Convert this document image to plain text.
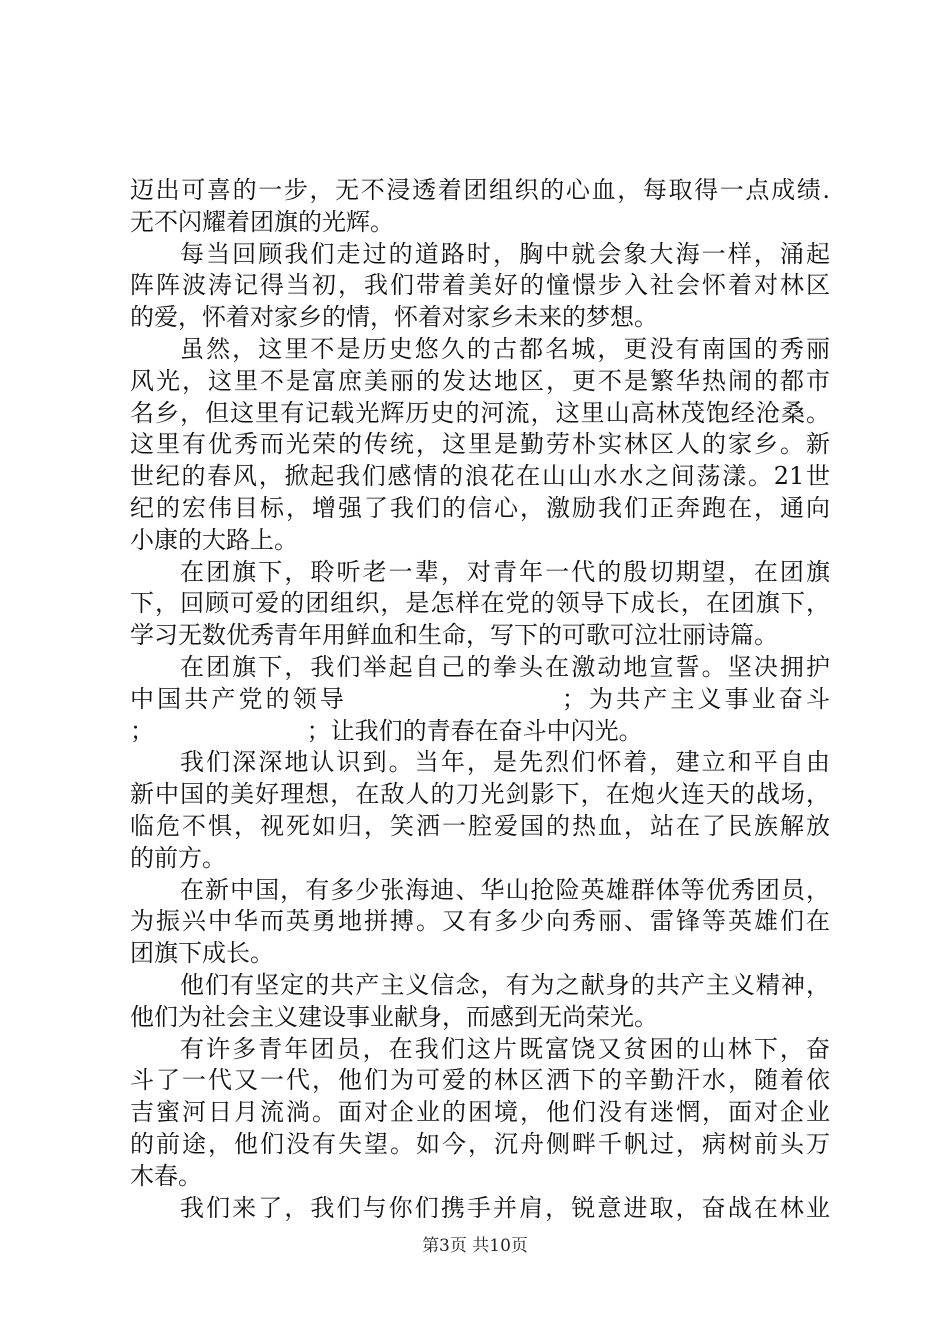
迈出可喜的一步，无不浸透着团组织的心血，每取得一点成绩.
无不闪耀着团旗的光辉。
每当回顾我们走过的道路时，胸中就会象大海一样，涌起
阵阵波涛记得当初，我们带着美好的憧憬步入社会怀着对林区
的爱，怀着对家乡的情，怀着对家乡未来的梦想。
虽然，这里不是历史悠久的古都名城，更没有南国的秀丽
风光，这里不是富庶美丽的发达地区，更不是繁华热闹的都市
名乡，但这里有记载光辉历史的河流，这里山高林茂饱经沧桑。
这里有优秀而光荣的传统，这里是勤劳朴实林区人的家乡。新
世纪的春风，掀起我们感情的浪花在山山水水之间荡漾。21世
纪的宏伟目标，增强了我们的信心，激励我们正奔跑在，通向
小康的大路上。
在团旗下，聆听老一辈，对青年一代的殷切期望，在团旗
下，回顾可爱的团组织，是怎样在党的领导下成长，在团旗下，
学习无数优秀青年用鲜血和生命，写下的可歌可泣壮丽诗篇。
在团旗下，我们举起自己的拳头在激动地宣誓。坚决拥护
中国共产党的领导                    ；为共产主义事业奋斗
；                    ；让我们的青春在奋斗中闪光。
我们深深地认识到。当年，是先烈们怀着，建立和平自由
新中国的美好理想，在敌人的刀光剑影下，在炮火连天的战场，
临危不惧，视死如归，笑洒一腔爱国的热血，站在了民族解放
的前方。
在新中国，有多少张海迪、华山抢险英雄群体等优秀团员，
为振兴中华而英勇地拼搏。又有多少向秀丽、雷锋等英雄们在
团旗下成长。
他们有坚定的共产主义信念，有为之献身的共产主义精神，
他们为社会主义建设事业献身，而感到无尚荣光。
有许多青年团员，在我们这片既富饶又贫困的山林下，奋
斗了一代又一代，他们为可爱的林区洒下的辛勤汗水，随着依
吉蜜河日月流淌。面对企业的困境，他们没有迷惘，面对企业
的前途，他们没有失望。如今，沉舟侧畔千帆过，病树前头万
木春。
我们来了，我们与你们携手并肩，锐意进取，奋战在林业
第3页 共10页
